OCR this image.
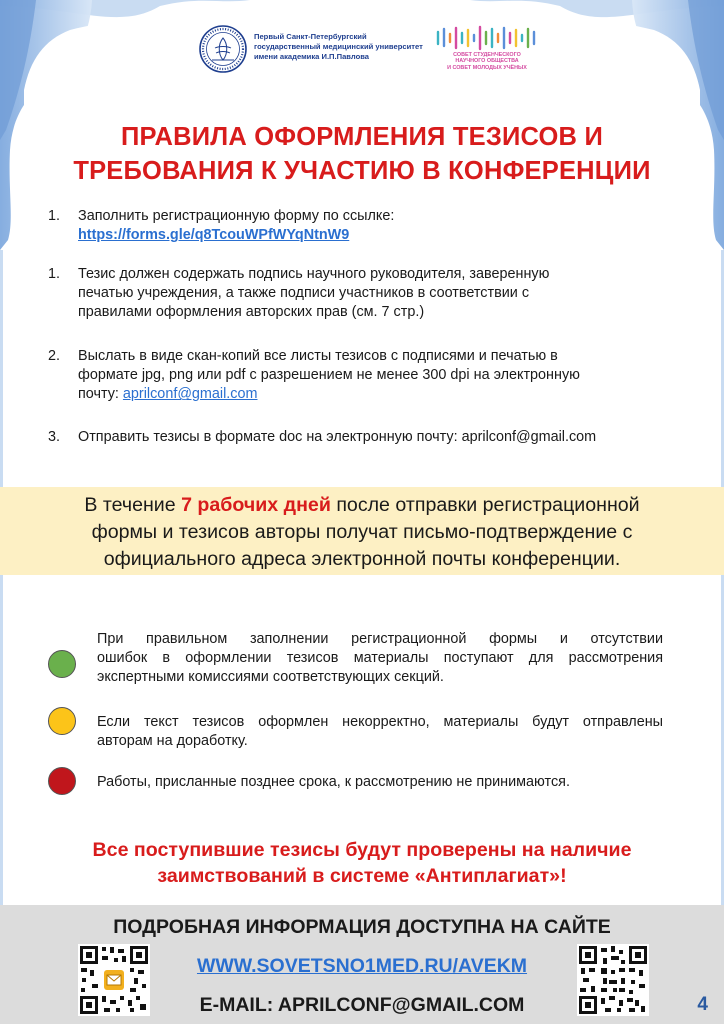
Первый Санкт-Петербургский
государственный медицинский университет
имени академика И.П.Павлова	СОВЕТ СТУДЕНЧЕСКОГО
НАУЧНОГО ОБЩЕСТВА
И СОВЕТ МОЛОДЫХ УЧЁНЫХ
ПРАВИЛА ОФОРМЛЕНИЯ ТЕЗИСОВ И
ТРЕБОВАНИЯ К УЧАСТИЮ В КОНФЕРЕНЦИИ
1. Заполнить регистрационную форму по ссылке:
https://forms.gle/q8TcouWPfWYqNtnW9
1. Тезис должен содержать подпись научного руководителя, заверенную
печатью учреждения, а также подписи участников в соответствии с
правилами оформления авторских прав (см. 7 стр.)
2. Выслать в виде скан-копий все листы тезисов с подписями и печатью в
формате jpg, png или pdf с разрешением не менее 300 dpi на электронную
почту: aprilconf@gmail.com
3. Отправить тезисы в формате doc на электронную почту: aprilconf@gmail.com
В течение 7 рабочих дней после отправки регистрационной
формы и тезисов авторы получат письмо-подтверждение с
официального адреса электронной почты конференции.
При правильном заполнении регистрационной формы и отсутствии
ошибок в оформлении тезисов материалы поступают для рассмотрения
экспертными комиссиями соответствующих секций.
Если текст тезисов оформлен некорректно, материалы будут отправлены
авторам на доработку.
Работы, присланные позднее срока, к рассмотрению не принимаются.
Все поступившие тезисы будут проверены на наличие
заимствований в системе «Антиплагиат»!
ПОДРОБНАЯ ИНФОРМАЦИЯ ДОСТУПНА НА САЙТЕ
WWW.SOVETSNO1MED.RU/AVEKM
E-MAIL: APRILCONF@GMAIL.COM	4
